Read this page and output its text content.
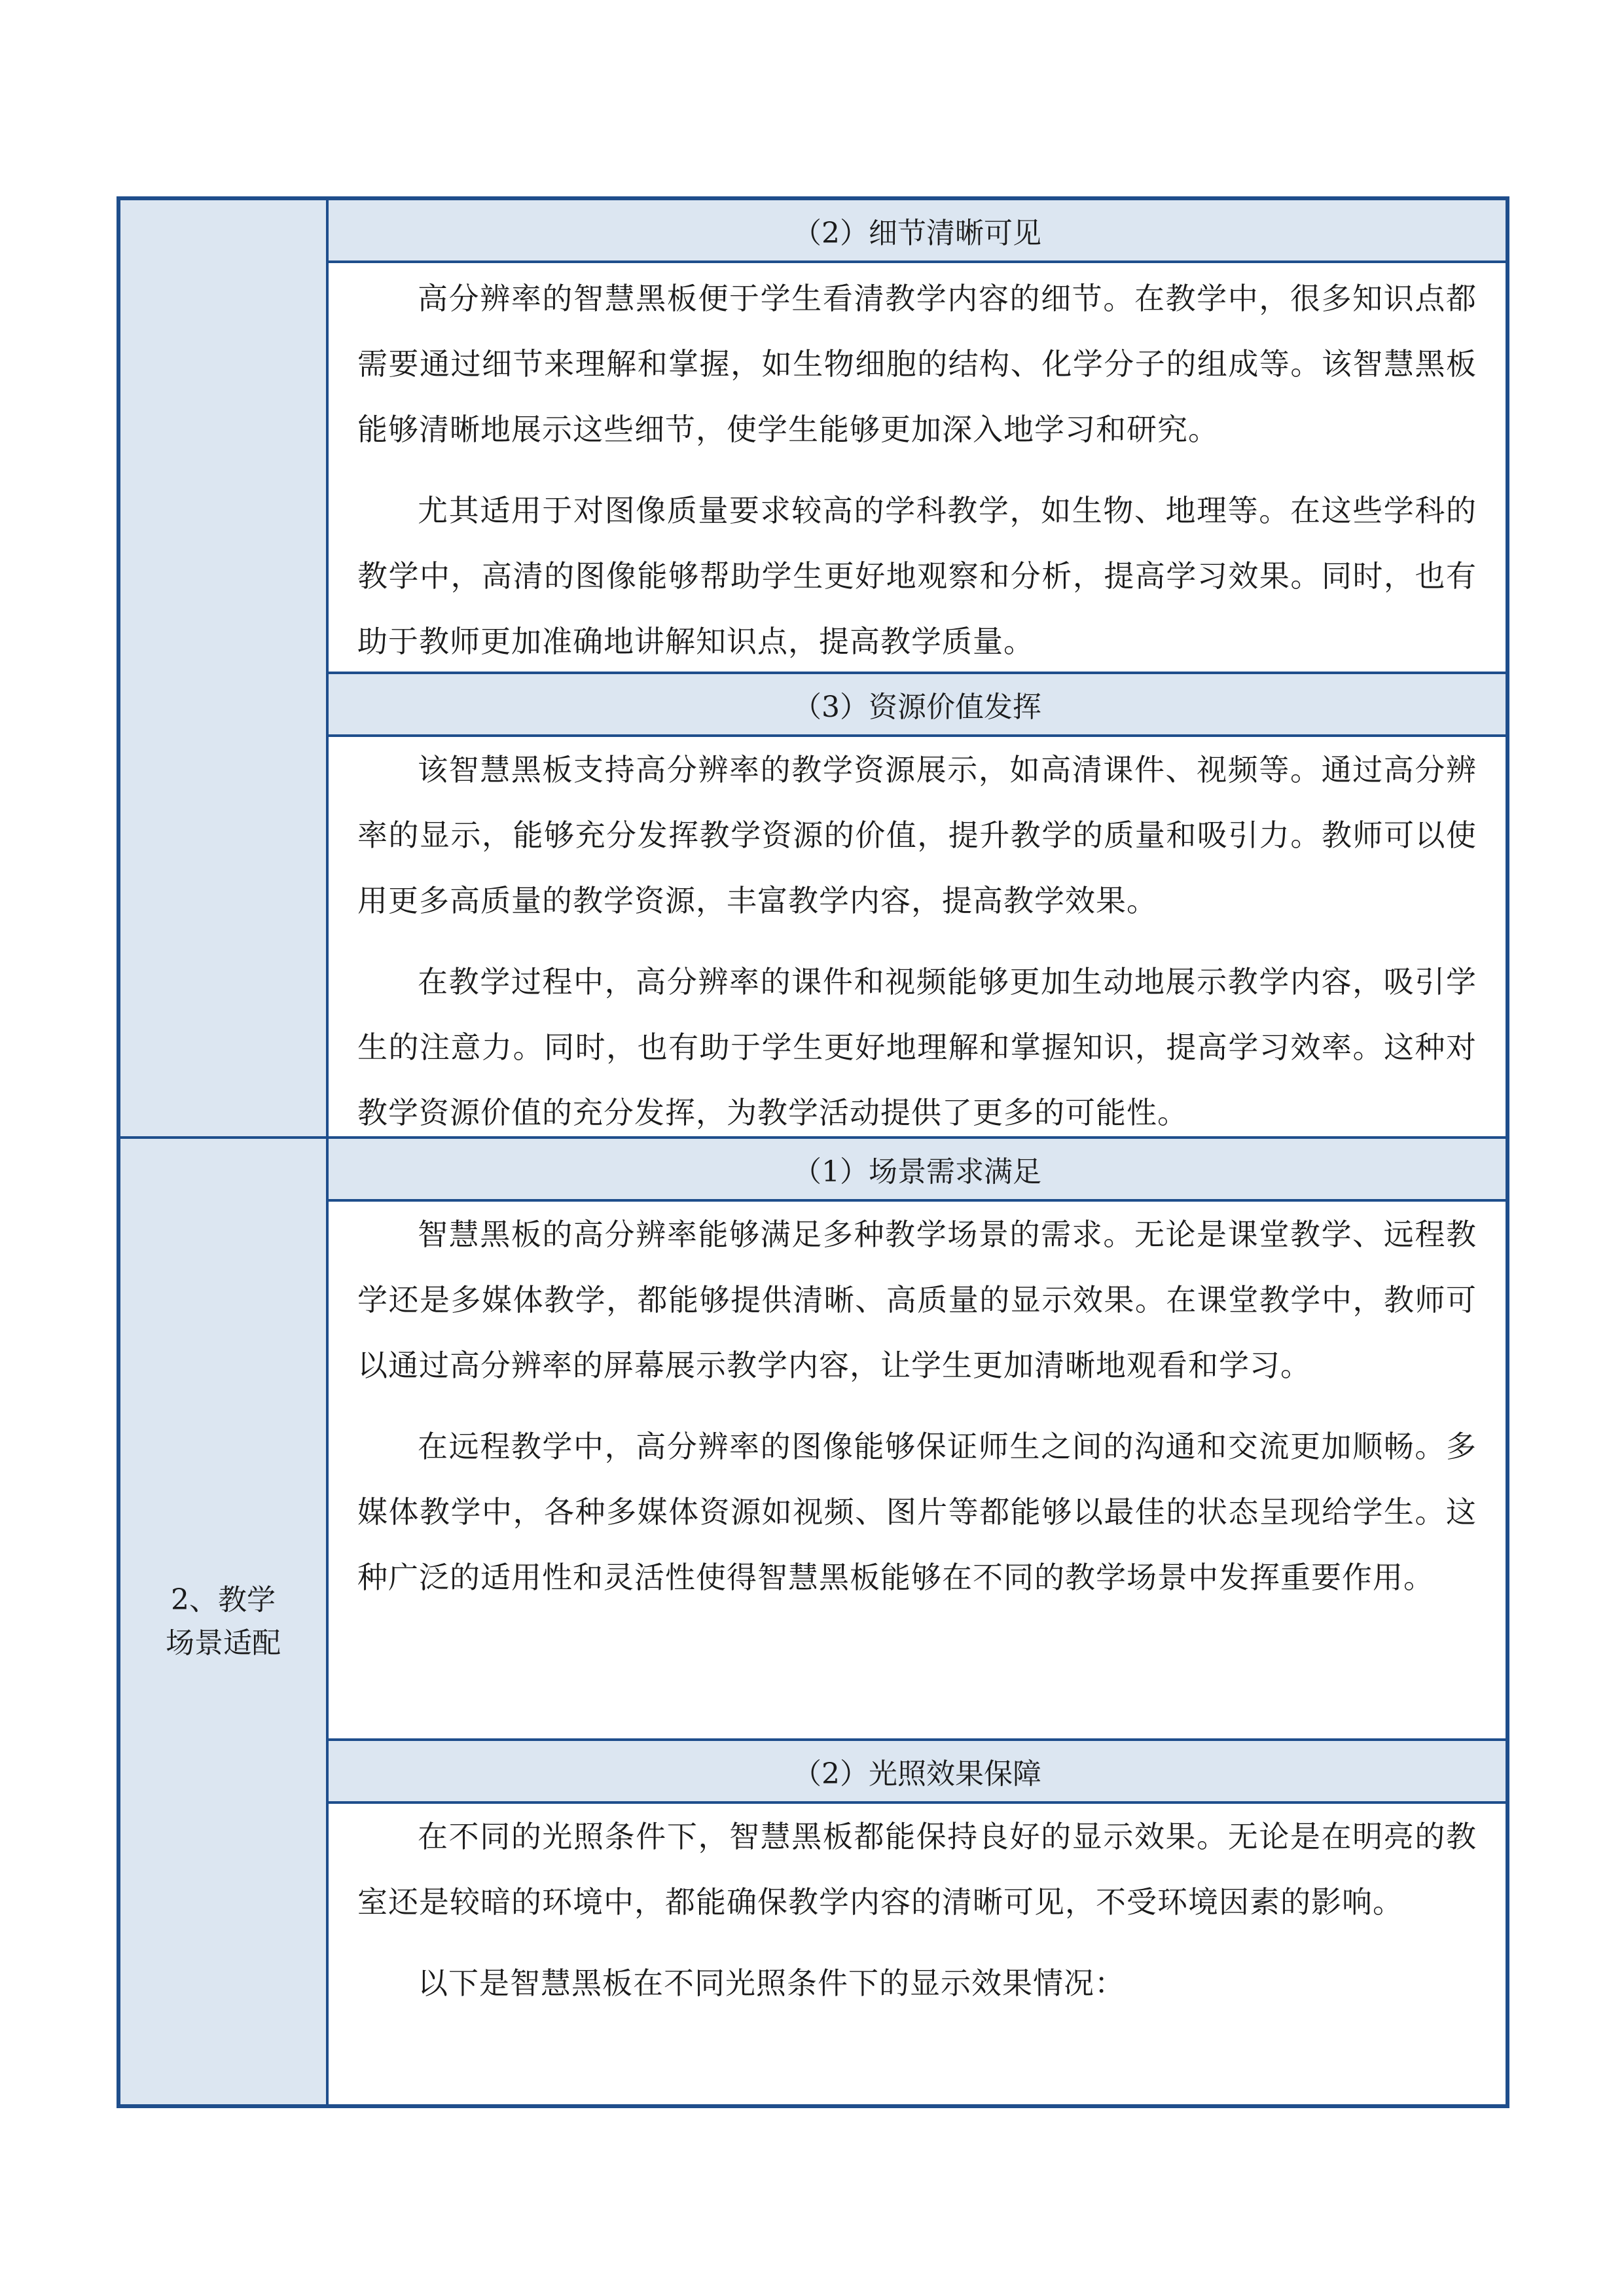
（2）细节清晰可见

高分辨率的智慧黑板便于学生看清教学内容的细节。在教学中，很多知识点都需要通过细节来理解和掌握，如生物细胞的结构、化学分子的组成等。该智慧黑板能够清晰地展示这些细节，使学生能够更加深入地学习和研究。

尤其适用于对图像质量要求较高的学科教学，如生物、地理等。在这些学科的教学中，高清的图像能够帮助学生更好地观察和分析，提高学习效果。同时，也有助于教师更加准确地讲解知识点，提高教学质量。

（3）资源价值发挥

该智慧黑板支持高分辨率的教学资源展示，如高清课件、视频等。通过高分辨率的显示，能够充分发挥教学资源的价值，提升教学的质量和吸引力。教师可以使用更多高质量的教学资源，丰富教学内容，提高教学效果。

在教学过程中，高分辨率的课件和视频能够更加生动地展示教学内容，吸引学生的注意力。同时，也有助于学生更好地理解和掌握知识，提高学习效率。这种对教学资源价值的充分发挥，为教学活动提供了更多的可能性。

2、教学场景适配
（1）场景需求满足

智慧黑板的高分辨率能够满足多种教学场景的需求。无论是课堂教学、远程教学还是多媒体教学，都能够提供清晰、高质量的显示效果。在课堂教学中，教师可以通过高分辨率的屏幕展示教学内容，让学生更加清晰地观看和学习。

在远程教学中，高分辨率的图像能够保证师生之间的沟通和交流更加顺畅。多媒体教学中，各种多媒体资源如视频、图片等都能够以最佳的状态呈现给学生。这种广泛的适用性和灵活性使得智慧黑板能够在不同的教学场景中发挥重要作用。

（2）光照效果保障

在不同的光照条件下，智慧黑板都能保持良好的显示效果。无论是在明亮的教室还是较暗的环境中，都能确保教学内容的清晰可见，不受环境因素的影响。

以下是智慧黑板在不同光照条件下的显示效果情况：
